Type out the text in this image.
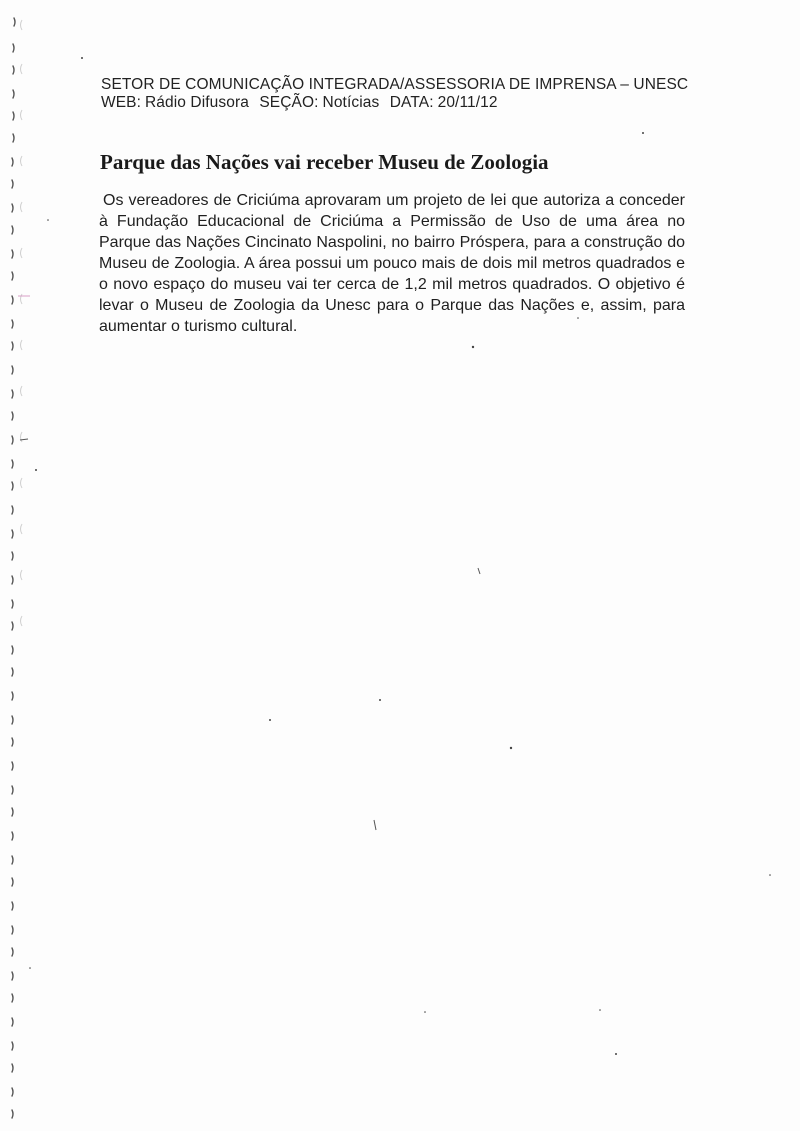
SETOR DE COMUNICAÇÃO INTEGRADA/ASSESSORIA DE IMPRENSA – UNESC
WEB: Rádio Difusora SEÇÃO: Notícias DATA: 20/11/12
Parque das Nações vai receber Museu de Zoologia

Os vereadores de Criciúma aprovaram um projeto de lei que autoriza a conceder à Fundação Educacional de Criciúma a Permissão de Uso de uma área no Parque das Nações Cincinato Naspolini, no bairro Próspera, para a construção do Museu de Zoologia. A área possui um pouco mais de dois mil metros quadrados e o novo espaço do museu vai ter cerca de 1,2 mil metros quadrados. O objetivo é levar o Museu de Zoologia da Unesc para o Parque das Nações e, assim, para aumentar o turismo cultural.
